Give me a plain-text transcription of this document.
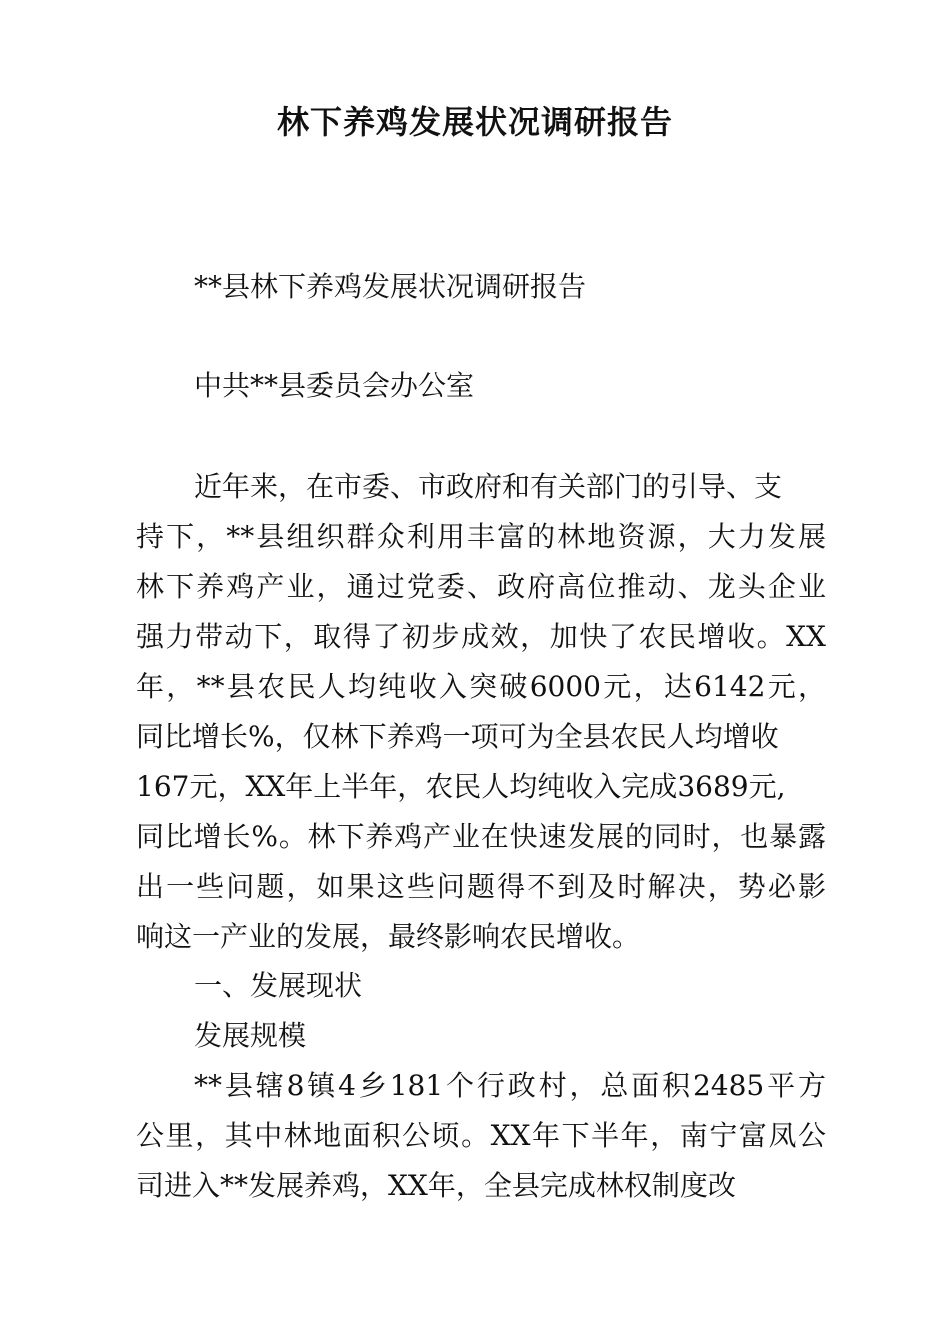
林下养鸡发展状况调研报告
**县林下养鸡发展状况调研报告
中共**县委员会办公室
近年来，在市委、市政府和有关部门的引导、支
持下，**县组织群众利用丰富的林地资源，大力发展
林下养鸡产业，通过党委、政府高位推动、龙头企业
强力带动下，取得了初步成效，加快了农民增收。XX
年，**县农民人均纯收入突破6000元，达6142元，
同比增长%，仅林下养鸡一项可为全县农民人均增收
167元，XX年上半年，农民人均纯收入完成3689元,
同比增长%。林下养鸡产业在快速发展的同时，也暴露
出一些问题，如果这些问题得不到及时解决，势必影
响这一产业的发展，最终影响农民增收。
一、发展现状
发展规模
**县辖8镇4乡181个行政村，总面积2485平方
公里，其中林地面积公顷。XX年下半年，南宁富凤公
司进入**发展养鸡，XX年，全县完成林权制度改
